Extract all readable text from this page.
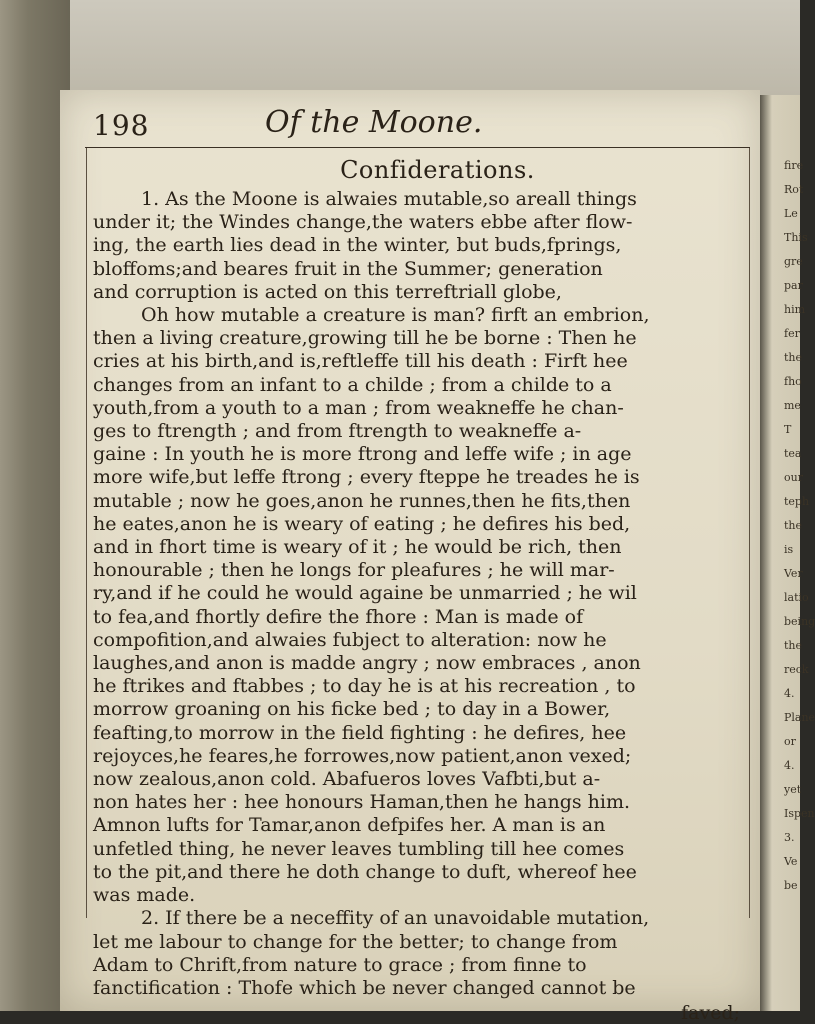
198	Of the Moone.
Confiderations.
1. As the Moone is alwaies mutable,so areall things
under it; the Windes change,the waters ebbe after flow-
ing, the earth lies dead in the winter, but buds,fprings,
bloffoms;and beares fruit in the Summer; generation
and corruption is acted on this terreftriall globe,
Oh how mutable a creature is man? firft an embrion,
then a living creature,growing till he be borne : Then he
cries at his birth,and is,reftleffe till his death : Firft hee
changes from an infant to a childe ; from a childe to a
youth,from a youth to a man ; from weakneffe he chan-
ges to ftrength ; and from ftrength to weakneffe a-
gaine : In youth he is more ftrong and leffe wife ; in age
more wife,but leffe ftrong ; every fteppe he treades he is
mutable ; now he goes,anon he runnes,then he fits,then
he eates,anon he is weary of eating ; he defires his bed,
and in fhort time is weary of it ; he would be rich, then
honourable ; then he longs for pleafures ; he will mar-
ry,and if he could he would againe be unmarried ; he wil
to fea,and fhortly defire the fhore : Man is made of
compofition,and alwaies fubject to alteration: now he
laughes,and anon is madde angry ; now embraces , anon
he ftrikes and ftabbes ; to day he is at his recreation , to
morrow groaning on his ficke bed ; to day in a Bower,
feafting,to morrow in the field fighting : he defires, hee
rejoyces,he feares,he forrowes,now patient,anon vexed;
now zealous,anon cold. Abafueros loves Vafbti,but a-
non hates her : hee honours Haman,then he hangs him.
Amnon lufts for Tamar,anon defpifes her. A man is an
unfetled thing, he never leaves tumbling till hee comes
to the pit,and there he doth change to duft, whereof hee
was made.
2. If there be a neceffity of an unavoidable mutation,
let me labour to change for the better; to change from
Adam to Chrift,from nature to grace ; from finne to
fanctification : Thofe which be never changed cannot be
faved;
fire
Rot
Le
This
gre
par
him
fer
the
fho
me
T
tea
our
teph
the
is
Ver
latio
being
the
reck
4.
Plane
or
4.
yet
Ispen
3.
Ve
be
